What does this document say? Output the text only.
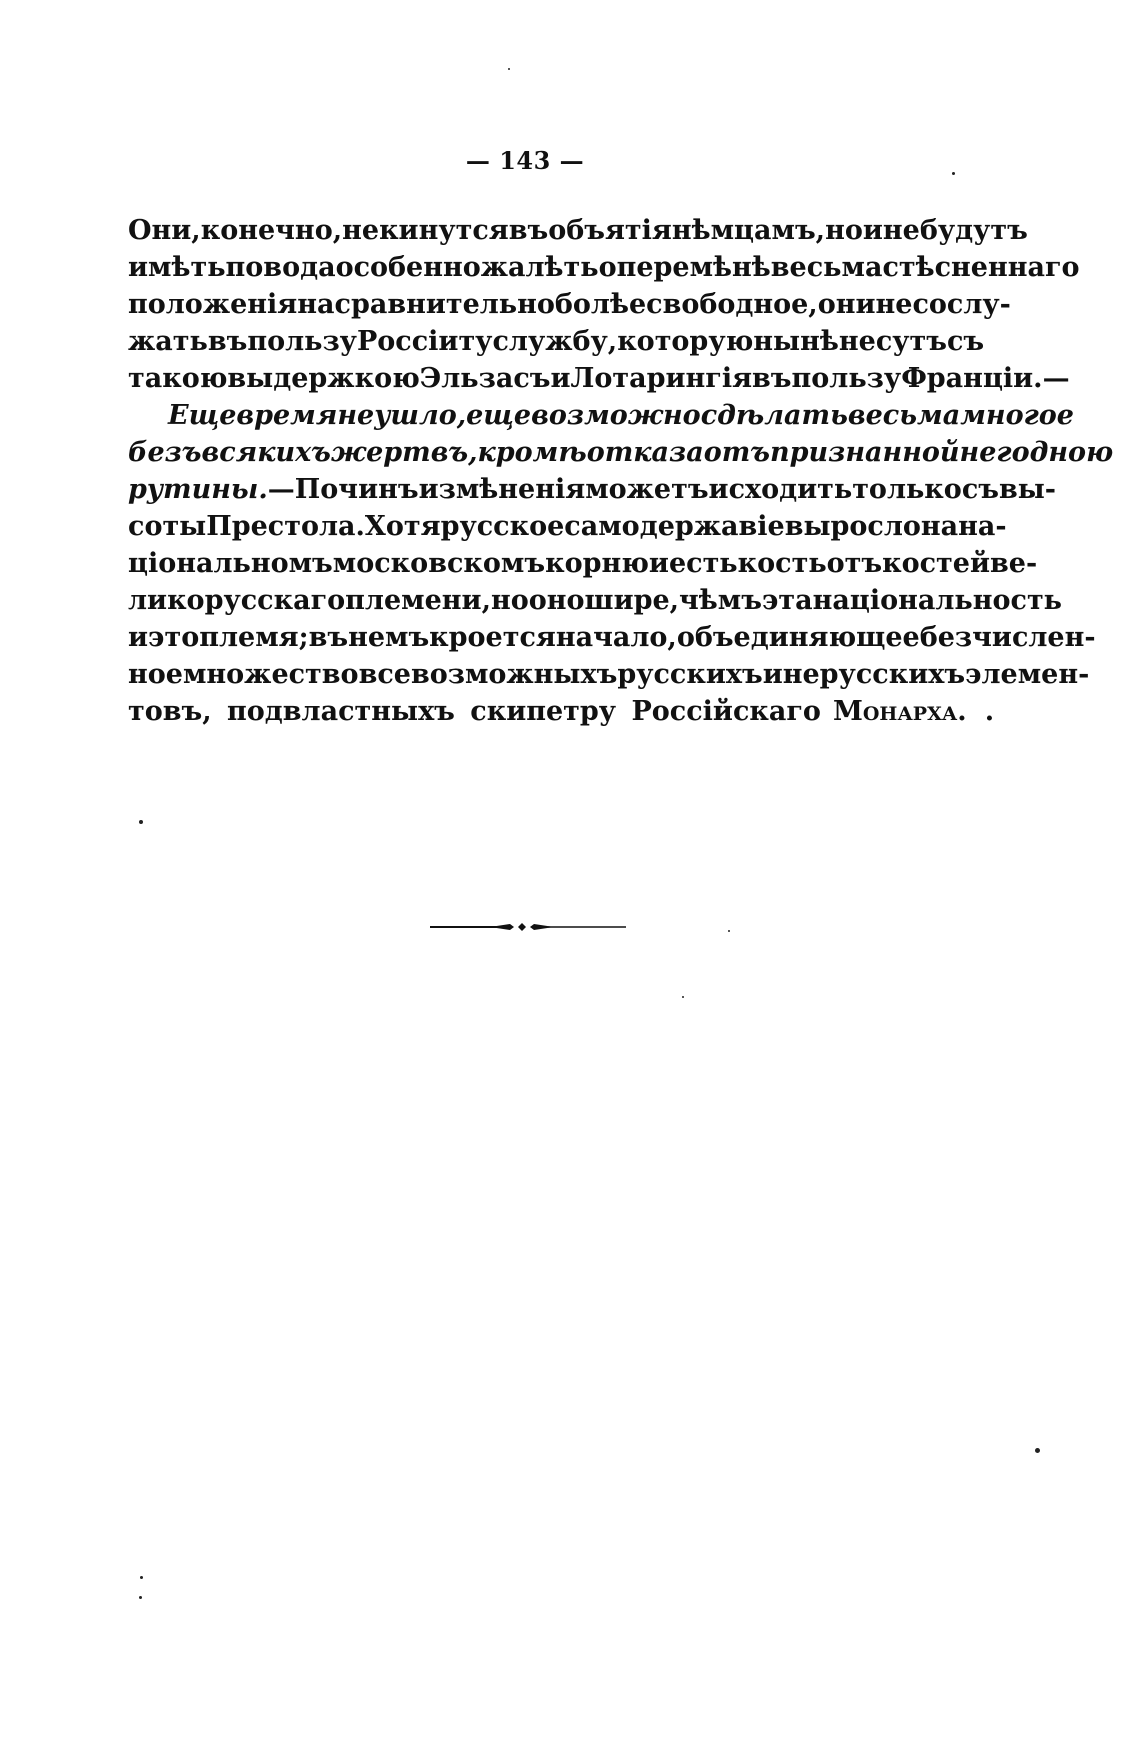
— 143 —
Они, конечно, не кинутся въ объятія нѣмцамъ, но и не будутъ
имѣть повода особенно жалѣть о перемѣнѣ весьма стѣсненнаго
положенія на сравнительно болѣе свободное, они не сослу-
жать въ пользу Россіи ту службу, которую нынѣ несутъ съ
такою выдержкою Эльзасъ и Лотарингія въ пользу Франціи. —
Еще время не ушло, еще возможно сдѣлать весьма многое
безъ всякихъ жертвъ, кромѣ отказа отъ признанной негодною
рутины. — Починъ измѣненія можетъ исходить только съ вы-
соты Престола. Хотя русское самодержавіе выросло на на-
ціональномъ московскомъ корню и есть кость отъ костей ве-
ликорусскаго племени, но оно шире, чѣмъ эта національность
и это племя; въ немъ кроется начало, объединяющее безчислен-
ное множество всевозможныхъ русскихъ и нерусскихъ элемен-
товъ, подвластныхъ скипетру Россійскаго Монарха. .
